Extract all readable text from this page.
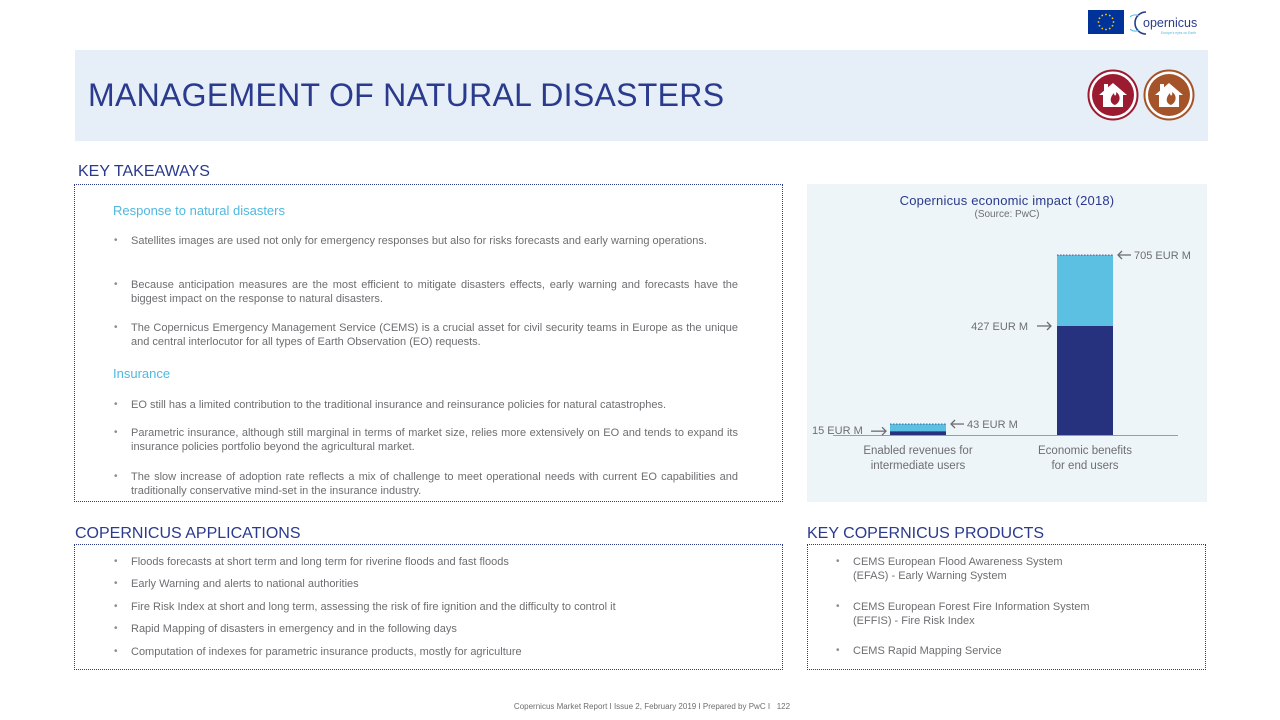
opernicus
Europe's eyes on Earth
MANAGEMENT OF NATURAL DISASTERS
KEY TAKEAWAYS
Response to natural disasters
• Satellites images are used not only for emergency responses but also for risks forecasts and early warning operations.
• Because anticipation measures are the most efficient to mitigate disasters effects, early warning and forecasts have the biggest impact on the response to natural disasters.
• The Copernicus Emergency Management Service (CEMS) is a crucial asset for civil security teams in Europe as the unique and central interlocutor for all types of Earth Observation (EO) requests.
Insurance
• EO still has a limited contribution to the traditional insurance and reinsurance policies for natural catastrophes.
• Parametric insurance, although still marginal in terms of market size, relies more extensively on EO and tends to expand its insurance policies portfolio beyond the agricultural market.
• The slow increase of adoption rate reflects a mix of challenge to meet operational needs with current EO capabilities and traditionally conservative mind-set in the insurance industry.
Copernicus economic impact (2018)
(Source: PwC)
Enabled revenues for
intermediate users
Economic benefits
for end users
15 EUR M
43 EUR M
427 EUR M
705 EUR M
COPERNICUS APPLICATIONS
• Floods forecasts at short term and long term for riverine floods and fast floods
• Early Warning and alerts to national authorities
• Fire Risk Index at short and long term, assessing the risk of fire ignition and the difficulty to control it
• Rapid Mapping of disasters in emergency and in the following days
• Computation of indexes for parametric insurance products, mostly for agriculture
KEY COPERNICUS PRODUCTS
• CEMS European Flood Awareness System
(EFAS) - Early Warning System
• CEMS European Forest Fire Information System
(EFFIS) - Fire Risk Index
• CEMS Rapid Mapping Service
Copernicus Market Report I Issue 2, February 2019 I Prepared by PwC I 122
